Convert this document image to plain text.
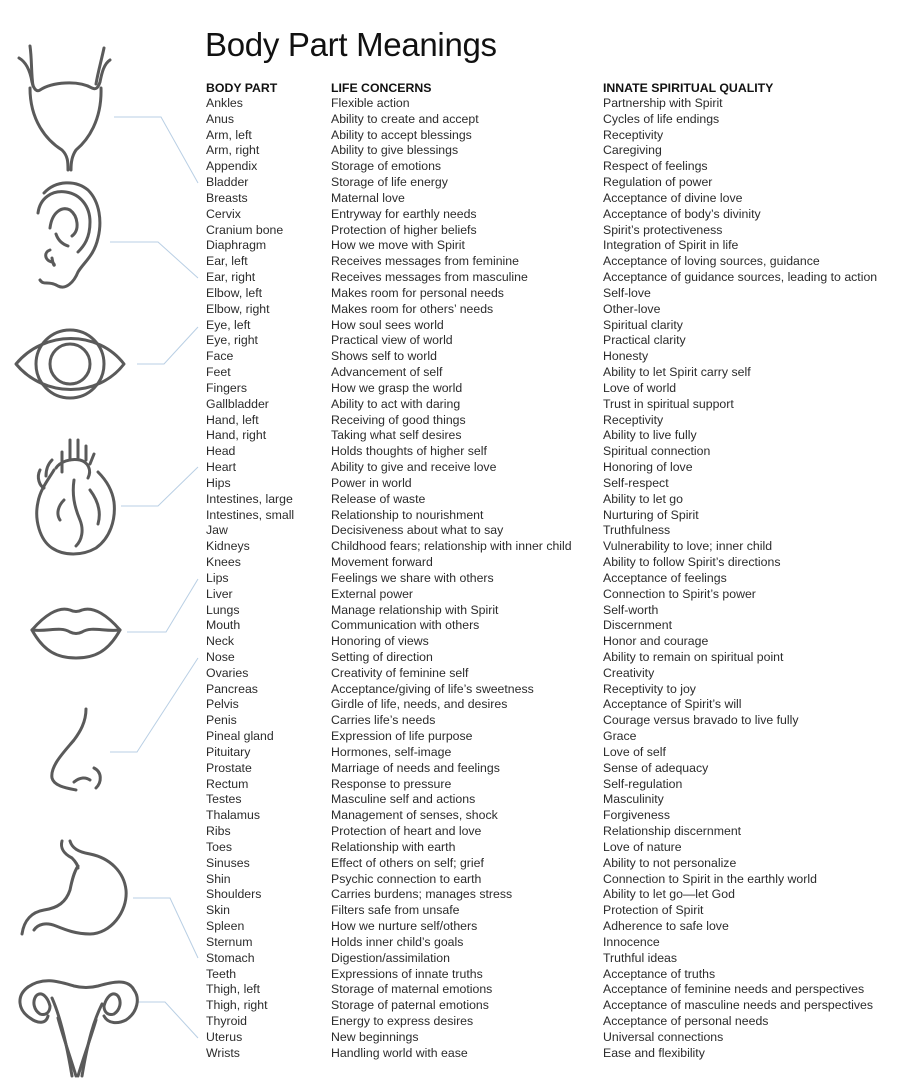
Body Part Meanings
BODY PART	LIFE CONCERNS	INNATE SPIRITUAL QUALITY
Ankles	Flexible action	Partnership with Spirit
Anus	Ability to create and accept	Cycles of life endings
Arm, left	Ability to accept blessings	Receptivity
Arm, right	Ability to give blessings	Caregiving
Appendix	Storage of emotions	Respect of feelings
Bladder	Storage of life energy	Regulation of power
Breasts	Maternal love	Acceptance of divine love
Cervix	Entryway for earthly needs	Acceptance of body’s divinity
Cranium bone	Protection of higher beliefs	Spirit’s protectiveness
Diaphragm	How we move with Spirit	Integration of Spirit in life
Ear, left	Receives messages from feminine	Acceptance of loving sources, guidance
Ear, right	Receives messages from masculine	Acceptance of guidance sources, leading to action
Elbow, left	Makes room for personal needs	Self-love
Elbow, right	Makes room for others’ needs	Other-love
Eye, left	How soul sees world	Spiritual clarity
Eye, right	Practical view of world	Practical clarity
Face	Shows self to world	Honesty
Feet	Advancement of self	Ability to let Spirit carry self
Fingers	How we grasp the world	Love of world
Gallbladder	Ability to act with daring	Trust in spiritual support
Hand, left	Receiving of good things	Receptivity
Hand, right	Taking what self desires	Ability to live fully
Head	Holds thoughts of higher self	Spiritual connection
Heart	Ability to give and receive love	Honoring of love
Hips	Power in world	Self-respect
Intestines, large	Release of waste	Ability to let go
Intestines, small	Relationship to nourishment	Nurturing of Spirit
Jaw	Decisiveness about what to say	Truthfulness
Kidneys	Childhood fears; relationship with inner child	Vulnerability to love; inner child
Knees	Movement forward	Ability to follow Spirit’s directions
Lips	Feelings we share with others	Acceptance of feelings
Liver	External power	Connection to Spirit’s power
Lungs	Manage relationship with Spirit	Self-worth
Mouth	Communication with others	Discernment
Neck	Honoring of views	Honor and courage
Nose	Setting of direction	Ability to remain on spiritual point
Ovaries	Creativity of feminine self	Creativity
Pancreas	Acceptance/giving of life’s sweetness	Receptivity to joy
Pelvis	Girdle of life, needs, and desires	Acceptance of Spirit’s will
Penis	Carries life’s needs	Courage versus bravado to live fully
Pineal gland	Expression of life purpose	Grace
Pituitary	Hormones, self-image	Love of self
Prostate	Marriage of needs and feelings	Sense of adequacy
Rectum	Response to pressure	Self-regulation
Testes	Masculine self and actions	Masculinity
Thalamus	Management of senses, shock	Forgiveness
Ribs	Protection of heart and love	Relationship discernment
Toes	Relationship with earth	Love of nature
Sinuses	Effect of others on self; grief	Ability to not personalize
Shin	Psychic connection to earth	Connection to Spirit in the earthly world
Shoulders	Carries burdens; manages stress	Ability to let go—let God
Skin	Filters safe from unsafe	Protection of Spirit
Spleen	How we nurture self/others	Adherence to safe love
Sternum	Holds inner child’s goals	Innocence
Stomach	Digestion/assimilation	Truthful ideas
Teeth	Expressions of innate truths	Acceptance of truths
Thigh, left	Storage of maternal emotions	Acceptance of feminine needs and perspectives
Thigh, right	Storage of paternal emotions	Acceptance of masculine needs and perspectives
Thyroid	Energy to express desires	Acceptance of personal needs
Uterus	New beginnings	Universal connections
Wrists	Handling world with ease	Ease and flexibility
